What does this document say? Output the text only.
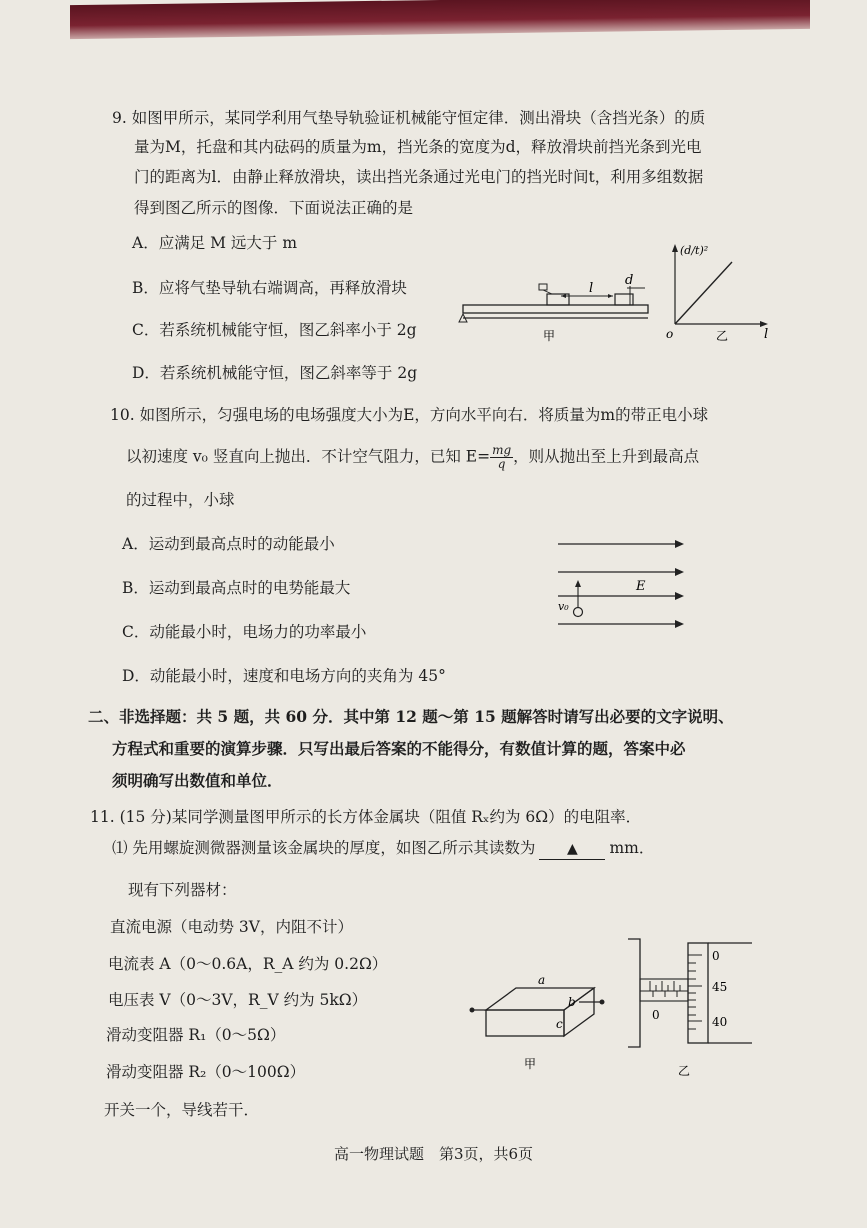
9. 如图甲所示，某同学利用气垫导轨验证机械能守恒定律．测出滑块（含挡光条）的质
量为M，托盘和其内砝码的质量为m，挡光条的宽度为d，释放滑块前挡光条到光电
门的距离为l．由静止释放滑块，读出挡光条通过光电门的挡光时间t，利用多组数据
得到图乙所示的图像．下面说法正确的是
A．应满足 M 远大于 m
B．应将气垫导轨右端调高，再释放滑块
C．若系统机械能守恒，图乙斜率小于 2g
D．若系统机械能守恒，图乙斜率等于 2g
l
d
甲
(d/t)²
o	l
乙
10. 如图所示，匀强电场的电场强度大小为E，方向水平向右．将质量为m的带正电小球
以初速度 v₀ 竖直向上抛出．不计空气阻力，已知 $E= \frac{mg}{q}$ ，则从抛出至上升到最高点
的过程中，小球
A．运动到最高点时的动能最小
B．运动到最高点时的电势能最大
C．动能最小时，电场力的功率最小
D．动能最小时，速度和电场方向的夹角为 45°
E
v₀
二、非选择题：共 5 题，共 60 分．其中第 12 题～第 15 题解答时请写出必要的文字说明、
方程式和重要的演算步骤．只写出最后答案的不能得分，有数值计算的题，答案中必
须明确写出数值和单位．
11. (15 分)某同学测量图甲所示的长方体金属块（阻值 Rₓ约为 6Ω）的电阻率．
⑴ 先用螺旋测微器测量该金属块的厚度，如图乙所示其读数为 ▲ mm．
现有下列器材：
直流电源（电动势 3V，内阻不计）
电流表 A（0～0.6A，R_A 约为 0.2Ω）
电压表 V（0～3V，R_V 约为 5kΩ）
滑动变阻器 R₁（0～5Ω）
滑动变阻器 R₂（0～100Ω）
开关一个，导线若干．
a
b
c
甲
0
45
40
0
乙
高一物理试题　第3页，共6页
